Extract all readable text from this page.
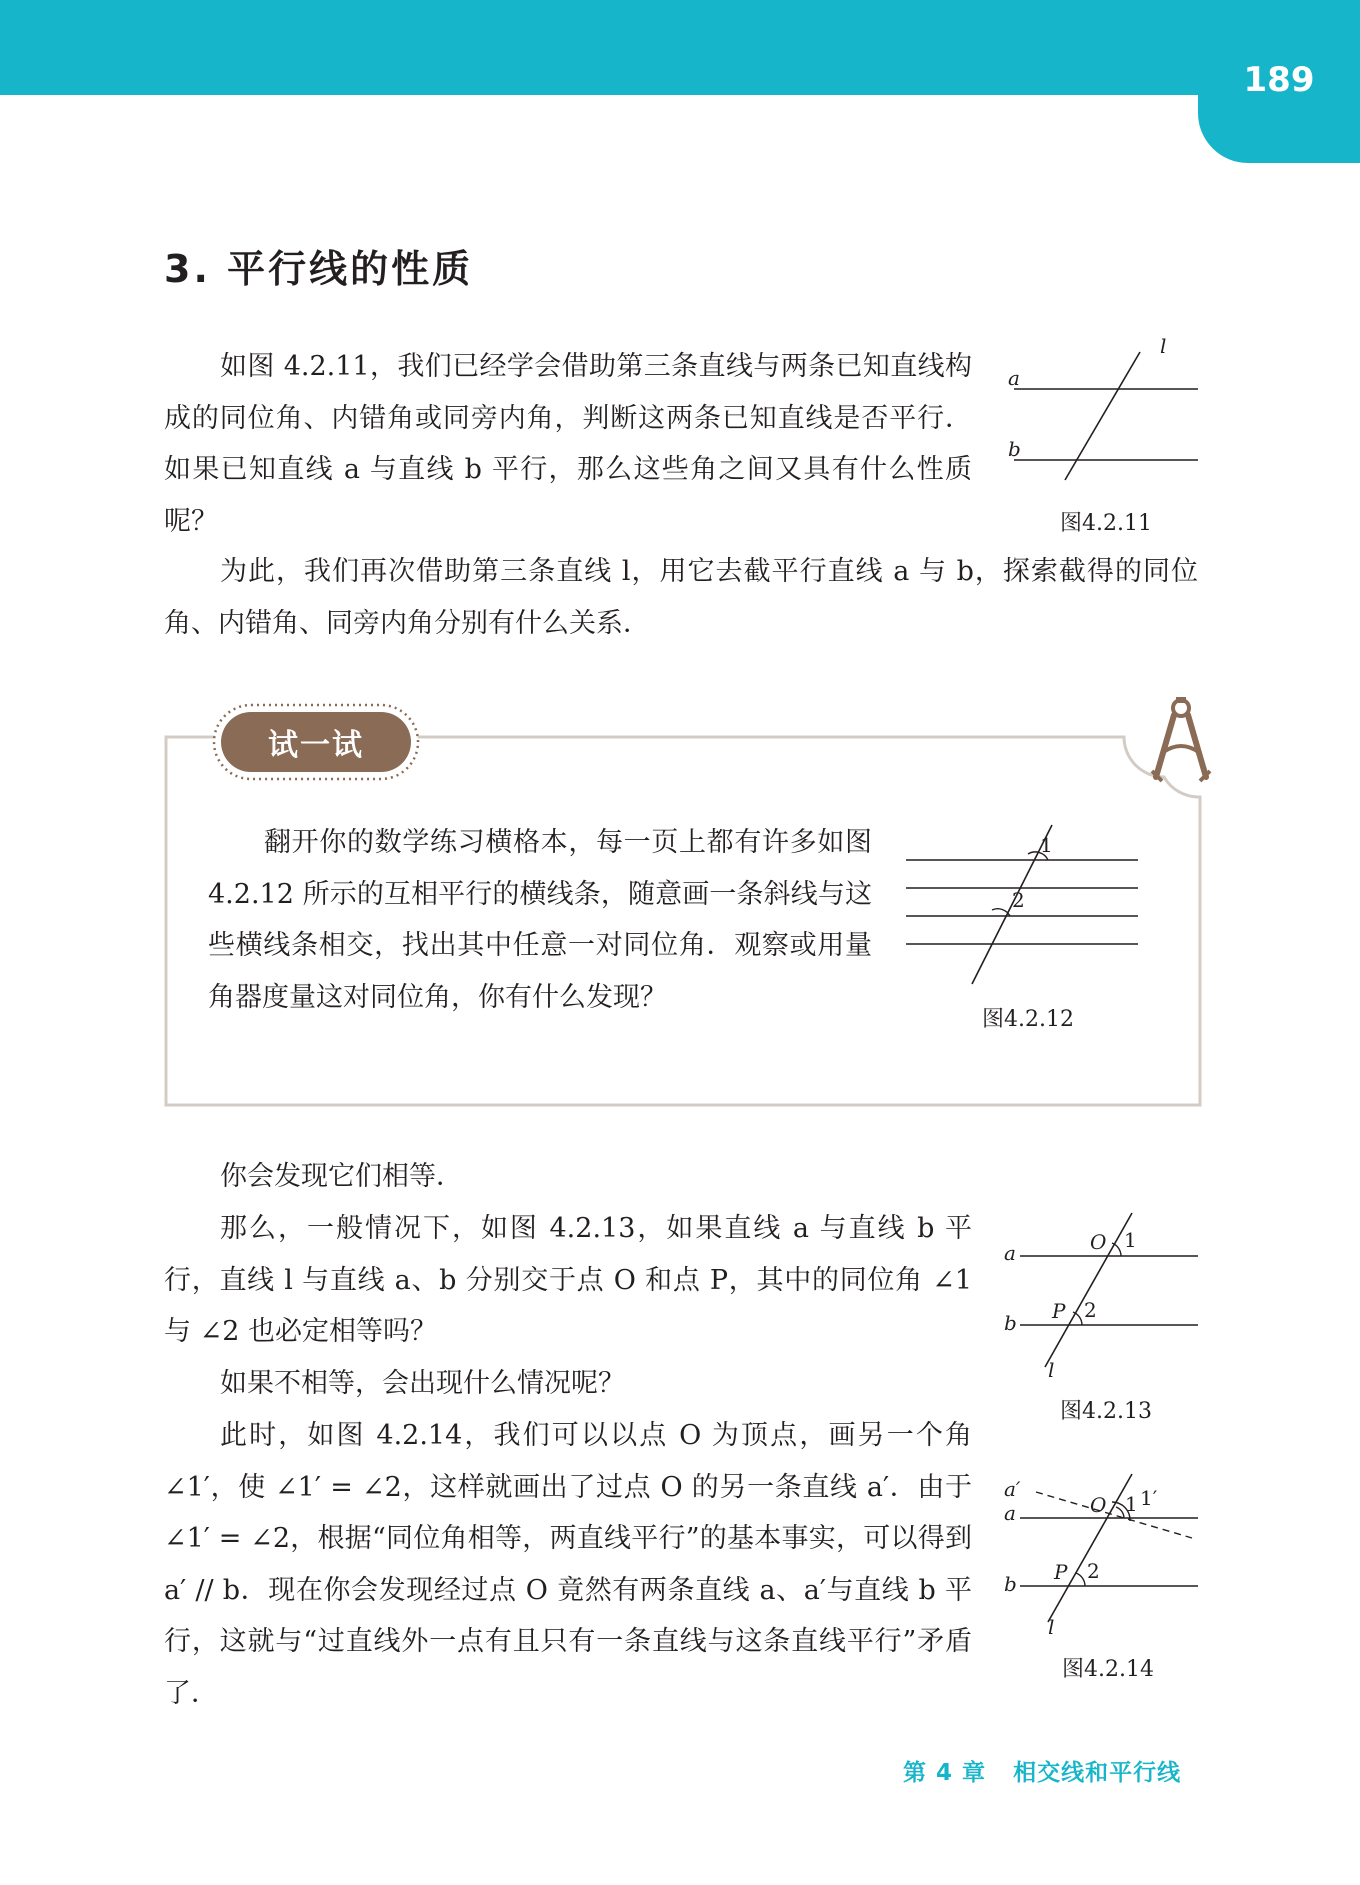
189
3. 平行线的性质

如图 4.2.11，我们已经学会借助第三条直线与两条已知直线构成的同位角、内错角或同旁内角，判断这两条已知直线是否平行．如果已知直线 a 与直线 b 平行，那么这些角之间又具有什么性质呢？

为此，我们再次借助第三条直线 l，用它去截平行直线 a 与 b，探索截得的同位角、内错角、同旁内角分别有什么关系．

a
b
l
图4.2.11
试一试

翻开你的数学练习横格本，每一页上都有许多如图 4.2.12 所示的互相平行的横线条，随意画一条斜线与这些横线条相交，找出其中任意一对同位角．观察或用量角器度量这对同位角，你有什么发现？

1
2
图4.2.12

你会发现它们相等．

那么，一般情况下，如图 4.2.13，如果直线 a 与直线 b 平行，直线 l 与直线 a、b 分别交于点 O 和点 P，其中的同位角 ∠1 与 ∠2 也必定相等吗？

如果不相等，会出现什么情况呢？

此时，如图 4.2.14，我们可以以点 O 为顶点，画另一个角 ∠1′，使 ∠1′ = ∠2，这样就画出了过点 O 的另一条直线 a′．由于 ∠1′ = ∠2，根据“同位角相等，两直线平行”的基本事实，可以得到 a′ // b．现在你会发现经过点 O 竟然有两条直线 a、a′与直线 b 平行，这就与“过直线外一点有且只有一条直线与这条直线平行”矛盾了．

a
b
l
O
P
1
2
图4.2.13
a′
a
b
l
O
P
1 1′
2
图4.2.14
第 4 章 相交线和平行线
